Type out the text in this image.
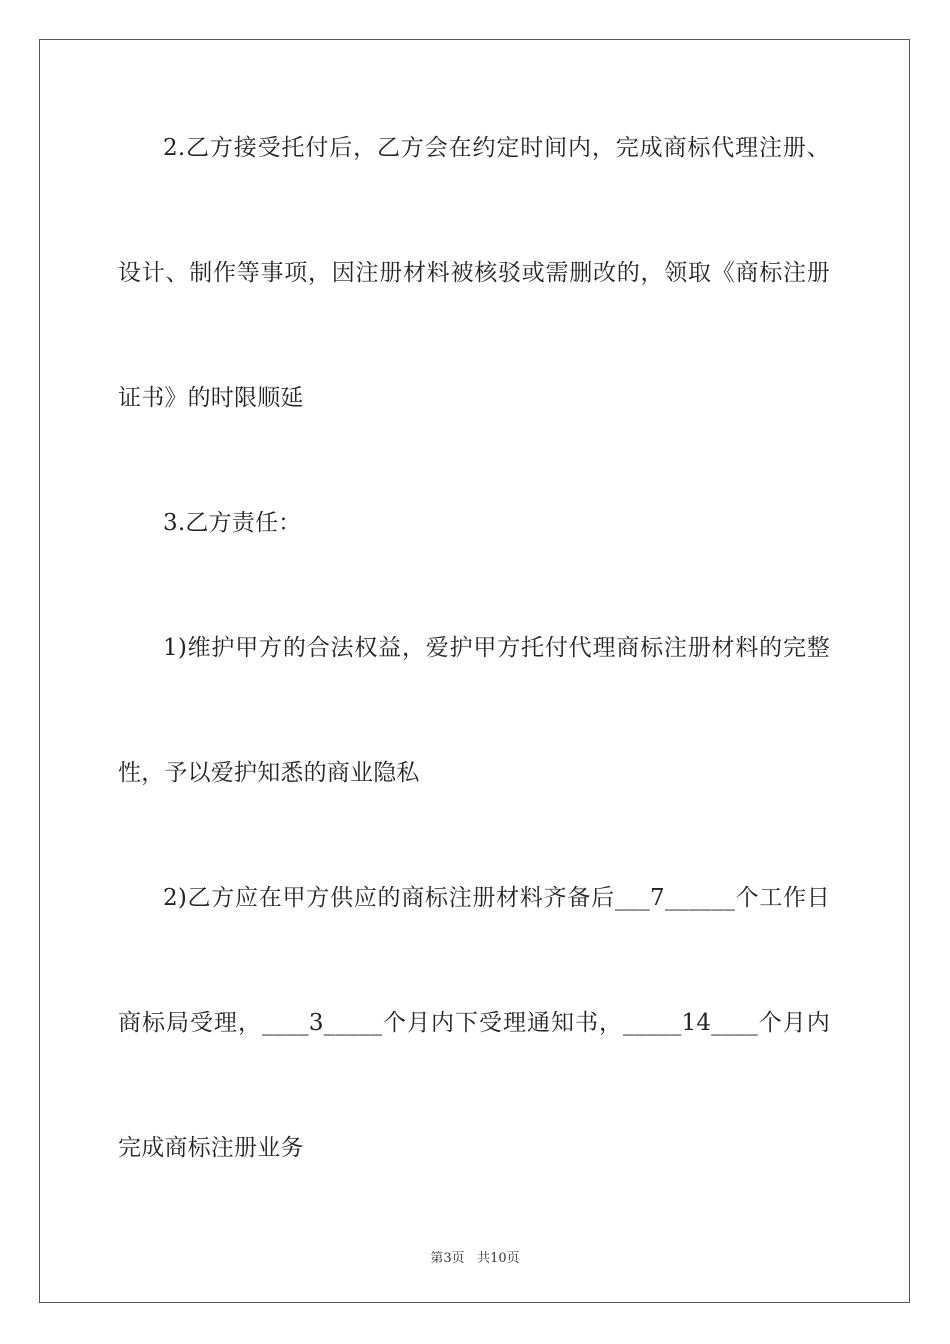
2.乙方接受托付后，乙方会在约定时间内，完成商标代理注册、
设计、制作等事项，因注册材料被核驳或需删改的，领取《商标注册
证书》的时限顺延
3.乙方责任：
1)维护甲方的合法权益，爱护甲方托付代理商标注册材料的完整
性，予以爱护知悉的商业隐私
2)乙方应在甲方供应的商标注册材料齐备后___7______个工作日
商标局受理，____3_____个月内下受理通知书，_____14____个月内
完成商标注册业务
第3页 共10页
